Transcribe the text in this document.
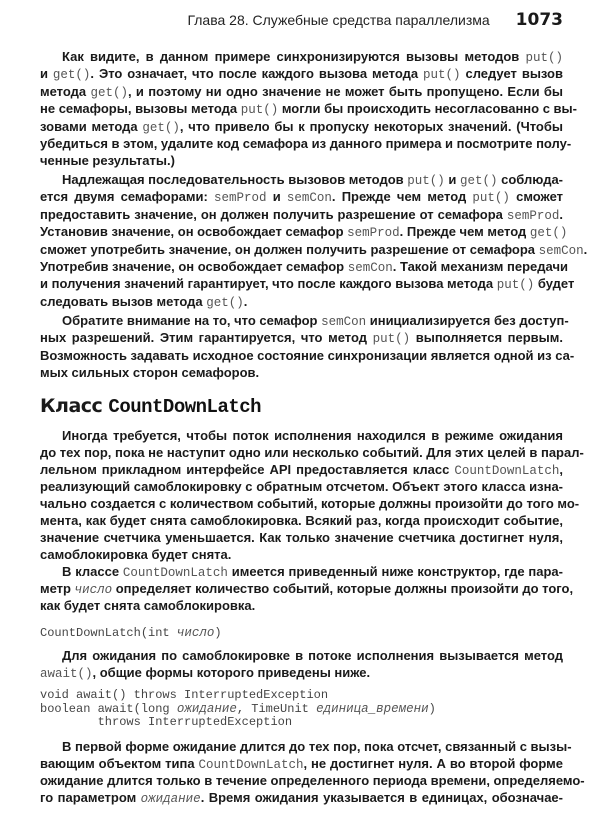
Глава 28. Служебные средства параллелизма 1073
Как видите, в данном примере синхронизируются вызовы методов put()
и get(). Это означает, что после каждого вызова метода put() следует вызов
метода get(), и поэтому ни одно значение не может быть пропущено. Если бы
не семафоры, вызовы метода put() могли бы происходить несогласованно с вы-
зовами метода get(), что привело бы к пропуску некоторых значений. (Чтобы
убедиться в этом, удалите код семафора из данного примера и посмотрите полу-
ченные результаты.)
Надлежащая последовательность вызовов методов put() и get() соблюда-
ется двумя семафорами: semProd и semCon. Прежде чем метод put() сможет
предоставить значение, он должен получить разрешение от семафора semProd.
Установив значение, он освобождает семафор semProd. Прежде чем метод get()
сможет употребить значение, он должен получить разрешение от семафора semCon.
Употребив значение, он освобождает семафор semCon. Такой механизм передачи
и получения значений гарантирует, что после каждого вызова метода put() будет
следовать вызов метода get().
Обратите внимание на то, что семафор semCon инициализируется без доступ-
ных разрешений. Этим гарантируется, что метод put() выполняется первым.
Возможность задавать исходное состояние синхронизации является одной из са-
мых сильных сторон семафоров.
Класс CountDownLatch
Иногда требуется, чтобы поток исполнения находился в режиме ожидания
до тех пор, пока не наступит одно или несколько событий. Для этих целей в парал-
лельном прикладном интерфейсе API предоставляется класс CountDownLatch,
реализующий самоблокировку с обратным отсчетом. Объект этого класса изна-
чально создается с количеством событий, которые должны произойти до того мо-
мента, как будет снята самоблокировка. Всякий раз, когда происходит событие,
значение счетчика уменьшается. Как только значение счетчика достигнет нуля,
самоблокировка будет снята.
В классе CountDownLatch имеется приведенный ниже конструктор, где пара-
метр число определяет количество событий, которые должны произойти до того,
как будет снята самоблокировка.
CountDownLatch(int число)
Для ожидания по самоблокировке в потоке исполнения вызывается метод
await(), общие формы которого приведены ниже.
void await() throws InterruptedException
boolean await(long ожидание, TimeUnit единица_времени)
throws InterruptedException
В первой форме ожидание длится до тех пор, пока отсчет, связанный с вызы-
вающим объектом типа CountDownLatch, не достигнет нуля. А во второй форме
ожидание длится только в течение определенного периода времени, определяемо-
го параметром ожидание. Время ожидания указывается в единицах, обозначае-
